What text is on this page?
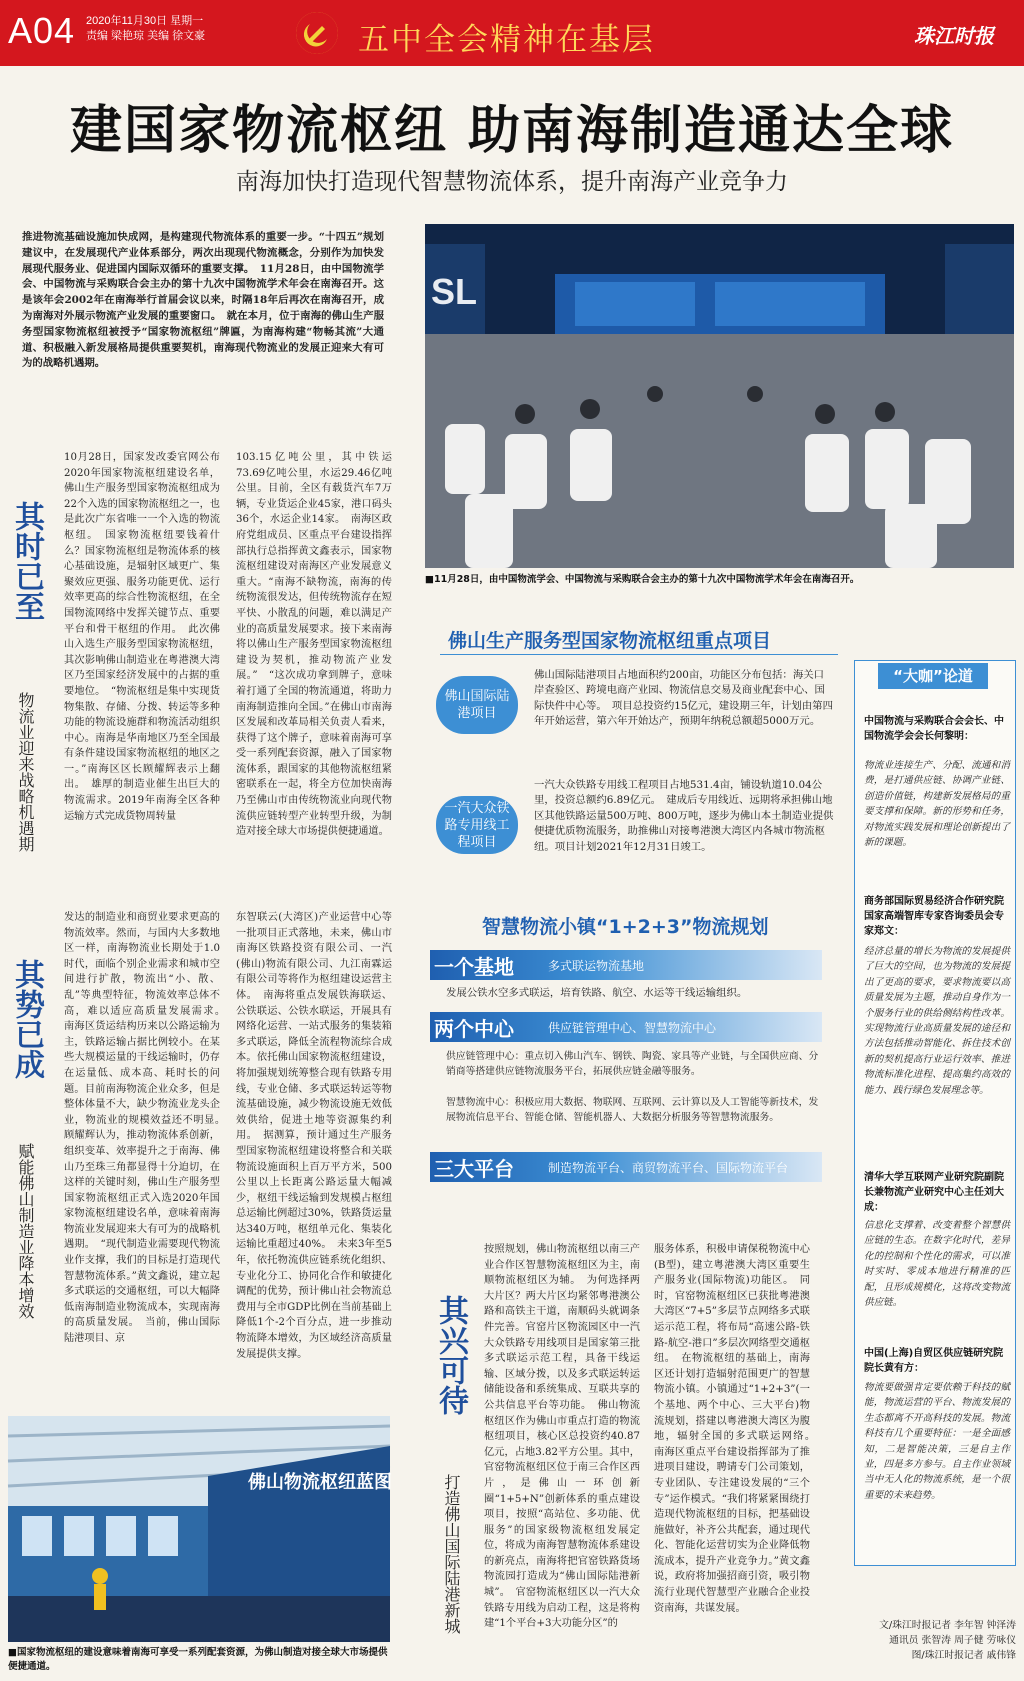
A04 2020年11月30日 星期一
责编 梁艳琼 美编 徐文豪	五中全会精神在基层	珠江时报
建国家物流枢纽 助南海制造通达全球
南海加快打造现代智慧物流体系，提升南海产业竞争力
推进物流基础设施加快成网，是构建现代物流体系的重要一步。“十四五”规划建议中，在发展现代产业体系部分，两次出现现代物流概念，分别作为加快发展现代服务业、促进国内国际双循环的重要支撑。　11月28日，由中国物流学会、中国物流与采购联合会主办的第十九次中国物流学术年会在南海召开。这是该年会2002年在南海举行首届会议以来，时隔18年后再次在南海召开，成为南海对外展示物流产业发展的重要窗口。　就在本月，位于南海的佛山生产服务型国家物流枢纽被授予“国家物流枢纽”牌匾，为南海构建“物畅其流”大通道、积极融入新发展格局提供重要契机，南海现代物流业的发展正迎来大有可为的战略机遇期。
SL
■11月28日，由中国物流学会、中国物流与采购联合会主办的第十九次中国物流学术年会在南海召开。
其时已至
物流业迎来战略机遇期
10月28日，国家发改委官网公布2020年国家物流枢纽建设名单，佛山生产服务型国家物流枢纽成为22个入选的国家物流枢纽之一，也是此次广东省唯一一个入选的物流枢纽。　国家物流枢纽要钱着什么？国家物流枢纽是物流体系的核心基础设施，是辐射区域更广、集聚效应更强、服务功能更优、运行效率更高的综合性物流枢纽，在全国物流网络中发挥关键节点、重要平台和骨干枢纽的作用。　此次佛山入选生产服务型国家物流枢纽，其次影响佛山制造业在粤港澳大湾区乃至国家经济发展中的占据的重要地位。　“物流枢纽是集中实现货物集散、存储、分拨、转运等多种功能的物流设施群和物流活动组织中心。南海是华南地区乃至全国最有条件建设国家物流枢纽的地区之一。”南海区区长顾耀辉表示上翻出。　雄厚的制造业催生出巨大的物流需求。2019年南海全区各种运输方式完成货物周转量
103.15亿吨公里，其中铁运73.69亿吨公里，水运29.46亿吨公里。目前，全区有载货汽车7万辆，专业货运企业45家，港口码头36个，水运企业14家。　南海区政府党组成员、区重点平台建设指挥部执行总指挥黄文鑫表示，国家物流枢纽建设对南海区产业发展意义重大。“南海不缺物流，南海的传统物流很发达，但传统物流存在短平快、小散乱的问题，难以满足产业的高质量发展要求。接下来南海将以佛山生产服务型国家物流枢纽建设为契机，推动物流产业发展。”　“这次成功拿到牌子，意味着打通了全国的物流通道，将助力南海制造推向全国。”在佛山市南海区发展和改革局相关负责人看来，获得了这个牌子，意味着南海可享受一系列配套资源，融入了国家物流体系，跟国家的其他物流枢纽紧密联系在一起，将全方位加快南海乃至佛山市由传统物流业向现代物流供应链转型产业转型升级，为制造对接全球大市场提供便捷通道。
佛山生产服务型国家物流枢纽重点项目
佛山国际陆港项目
佛山国际陆港项目占地面积约200亩，功能区分布包括：海关口岸查验区、跨境电商产业园、物流信息交易及商业配套中心、国际快件中心等。　项目总投资约15亿元，建设期三年，计划由第四年开始运营，第六年开始达产，预期年纳税总额超5000万元。
一汽大众铁路专用线工程项目
一汽大众铁路专用线工程项目占地531.4亩，铺设轨道10.04公里，投资总额约6.89亿元。　建成后专用线近、远期将承担佛山地区其他铁路运量500万吨、800万吨，逐步为佛山本土制造业提供便捷优质物流服务，助推佛山对接粤港澳大湾区内各城市物流枢纽。项目计划2021年12月31日竣工。
智慧物流小镇“1+2+3”物流规划
一个基地	多式联运物流基地
发展公铁水空多式联运，培育铁路、航空、水运等干线运输组织。
两个中心	供应链管理中心、智慧物流中心
供应链管理中心：重点切入佛山汽车、钢铁、陶瓷、家具等产业链，与全国供应商、分销商等搭建供应链物流服务平台，拓展供应链金融等服务。
智慧物流中心：积极应用大数据、物联网、互联网、云计算以及人工智能等新技术，发展物流信息平台、智能仓储、智能机器人、大数据分析服务等智慧物流服务。
三大平台	制造物流平台、商贸物流平台、国际物流平台
“大咖”论道
中国物流与采购联合会会长、中国物流学会会长何黎明：
物流业连接生产、分配、流通和消费，是打通供应链、协调产业链、创造价值链，构建新发展格局的重要支撑和保障。新的形势和任务，对物流实践发展和理论创新提出了新的课题。
商务部国际贸易经济合作研究院国家高端智库专家咨询委员会专家郑文：
经济总量的增长为物流的发展提供了巨大的空间，也为物流的发展提出了更高的要求，要求物流要以高质量发展为主题，推动自身作为一个服务行业的供给侧结构性改革。实现物流行业高质量发展的途径和方法包括推动智能化、拆住技术创新的契机提高行业运行效率、推进物流标准化进程、提高集约高效的能力、践行绿色发展理念等。
清华大学互联网产业研究院副院长兼物流产业研究中心主任刘大成：
信息化支撑着、改变着整个智慧供应链的生态。在数字化时代，差异化的控制和个性化的需求，可以准时实时、零成本地进行精准的匹配，且形成规模化，这将改变物流供应链。
中国(上海)自贸区供应链研究院院长黄有方：
物流要做强肯定要依赖于科技的赋能，物流运营的平台、物流发展的生态都离不开高科技的发展。物流科技有几个重要特征：一是全面感知，二是智能决策，三是自主作业，四是多方参与。自主作业领域当中无人化的物流系统，是一个很重要的未来趋势。
其势已成
赋能佛山制造业降本增效
发达的制造业和商贸业要求更高的物流效率。然而，与国内大多数地区一样，南海物流业长期处于1.0时代，面临个别企业需求和城市空间进行扩散，物流出“小、散、乱”等典型特征，物流效率总体不高，难以适应高质量发展需求。　南海区货运结构历来以公路运输为主，铁路运输占据比例较小。在某些大规模运量的干线运输时，仍存在运量低、成本高、耗时长的问题。目前南海物流企业众多，但是整体体量不大，缺少物流业龙头企业，物流业的规模效益还不明显。　顾耀辉认为，推动物流体系创新，组织变革、效率提升之于南海、佛山乃至珠三角都显得十分迫切，在这样的关键时刻，佛山生产服务型国家物流枢纽正式入选2020年国家物流枢纽建设名单，意味着南海物流业发展迎来大有可为的战略机遇期。　“现代制造业需要现代物流业作支撑，我们的目标是打造现代智慧物流体系。”黄文鑫说，建立起多式联运的交通枢纽，可以大幅降低南海制造业物流成本，实现南海的高质量发展。　当前，佛山国际陆港项目、京
东智联云(大湾区)产业运营中心等一批项目正式落地，未来，佛山市南海区铁路投资有限公司、一汽(佛山)物流有限公司、九江南霖运有限公司等将作为枢纽建设运营主体。　南海将重点发展铁海联运、公铁联运、公铁水联运，开展具有网络化运营、一站式服务的集装箱多式联运，降低全流程物流综合成本。依托佛山国家物流枢纽建设，将加强规划统筹整合现有铁路专用线，专业仓储、多式联运转运等物流基础设施，减少物流设施无效低效供给，促进土地等资源集约利用。　据测算，预计通过生产服务型国家物流枢纽建设将整合和关联物流设施面积上百万平方米，500公里以上长距离公路运量大幅减少，枢纽干线运输到发规模占枢纽总运输比例超过30%，铁路货运量达340万吨，枢纽单元化、集装化运输比重超过40%。　未来3年至5年，依托物流供应链系统化组织、专业化分工、协同化合作和敏捷化调配的优势，预计佛山社会物流总费用与全市GDP比例在当前基础上降低1个-2个百分点，进一步推动物流降本增效，为区域经济高质量发展提供支撑。	其兴可待
打造佛山国际陆港新城
按照规划，佛山物流枢纽以南三产业合作区智慧物流枢纽区为主，南顺物流枢纽区为辅。　为何选择两大片区？两大片区均紧邻粤港澳公路和高铁主干道，南顺码头就调条件完善。官窑片区物流园区中一汽大众铁路专用线项目是国家第三批多式联运示范工程，具备干线运输、区域分拨，以及多式联运转运储能设备和系统集成、互联共享的公共信息平台等功能。　佛山物流枢纽区作为佛山市重点打造的物流枢纽项目，核心区总投资约40.87亿元，占地3.82平方公里。其中，官窑物流枢纽区位于南三合作区西片，是佛山一环创新圈“1+5+N”创新体系的重点建设项目，按照“高站位、多功能、优服务”的国家级物流枢纽发展定位，将成为南海智慧物流体系建设的新亮点，南海将把官窑铁路货场物流园打造成为“佛山国际陆港新城”。　官窑物流枢纽区以一汽大众铁路专用线为启动工程，这是将构建“1个平台+3大功能分区”的
服务体系，积极申请保税物流中心(B型)，建立粤港澳大湾区重要生产服务业(国际物流)功能区。　同时，官窑物流枢纽区已获批粤港澳大湾区“7+5”多层节点网络多式联运示范工程，将布局“高速公路-铁路-航空-港口”多层次网络型交通枢纽。　在物流枢纽的基础上，南海区还计划打造辐射范围更广的智慧物流小镇。小镇通过“1+2+3”(一个基地、两个中心、三大平台)物流规划，搭建以粤港澳大湾区为腹地，辐射全国的多式联运网络。　南海区重点平台建设指挥部为了推进项目建设，聘请专门公司策划，专业团队、专注建设发展的“三个专”运作模式。“我们将紧紧围绕打造现代物流枢纽的目标，把基础设施做好，补齐公共配套，通过现代化、智能化运营切实为企业降低物流成本，提升产业竞争力。”黄文鑫说，政府将加强招商引资，吸引物流行业现代智慧型产业融合企业投资南海，共谋发展。
佛山物流枢纽蓝图
■国家物流枢纽的建设意味着南海可享受一系列配套资源，为佛山制造对接全球大市场提供便捷通道。
文/珠江时报记者 李年智 钟泽涛
通讯员 张智涛 周子健 劳咏仪
图/珠江时报记者 戚伟锋
